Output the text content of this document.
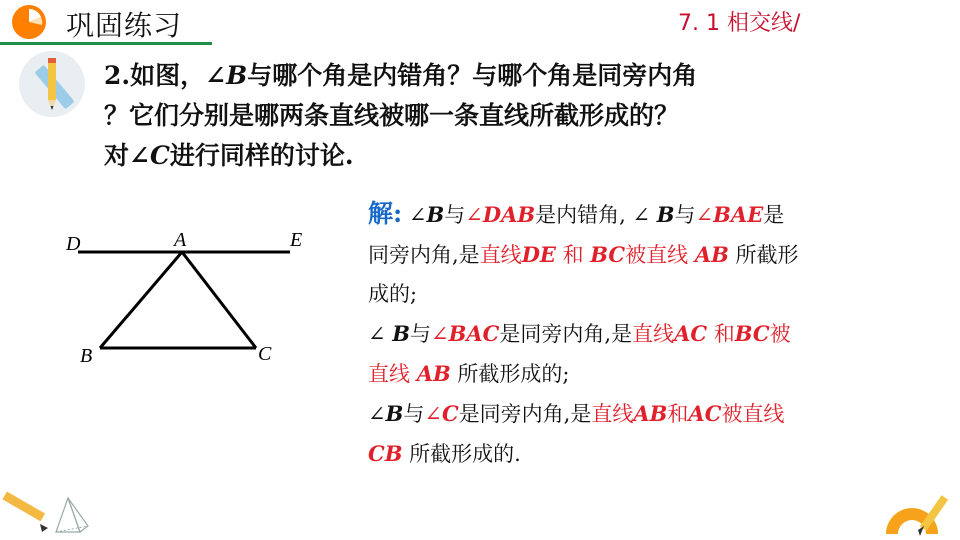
巩固练习	7. 1 相交线/
2.如图，∠B与哪个角是内错角？与哪个角是同旁内角
？它们分别是哪两条直线被哪一条直线所截形成的？
对∠C进行同样的讨论.
D	A	E
B	C
解: ∠B与∠DAB是内错角, ∠ B与∠BAE是
同旁内角,是直线DE 和 BC被直线 AB 所截形
成的;
∠ B与∠BAC是同旁内角,是直线AC 和BC被
直线 AB 所截形成的;
∠B与∠C是同旁内角,是直线AB和AC被直线
CB 所截形成的.
